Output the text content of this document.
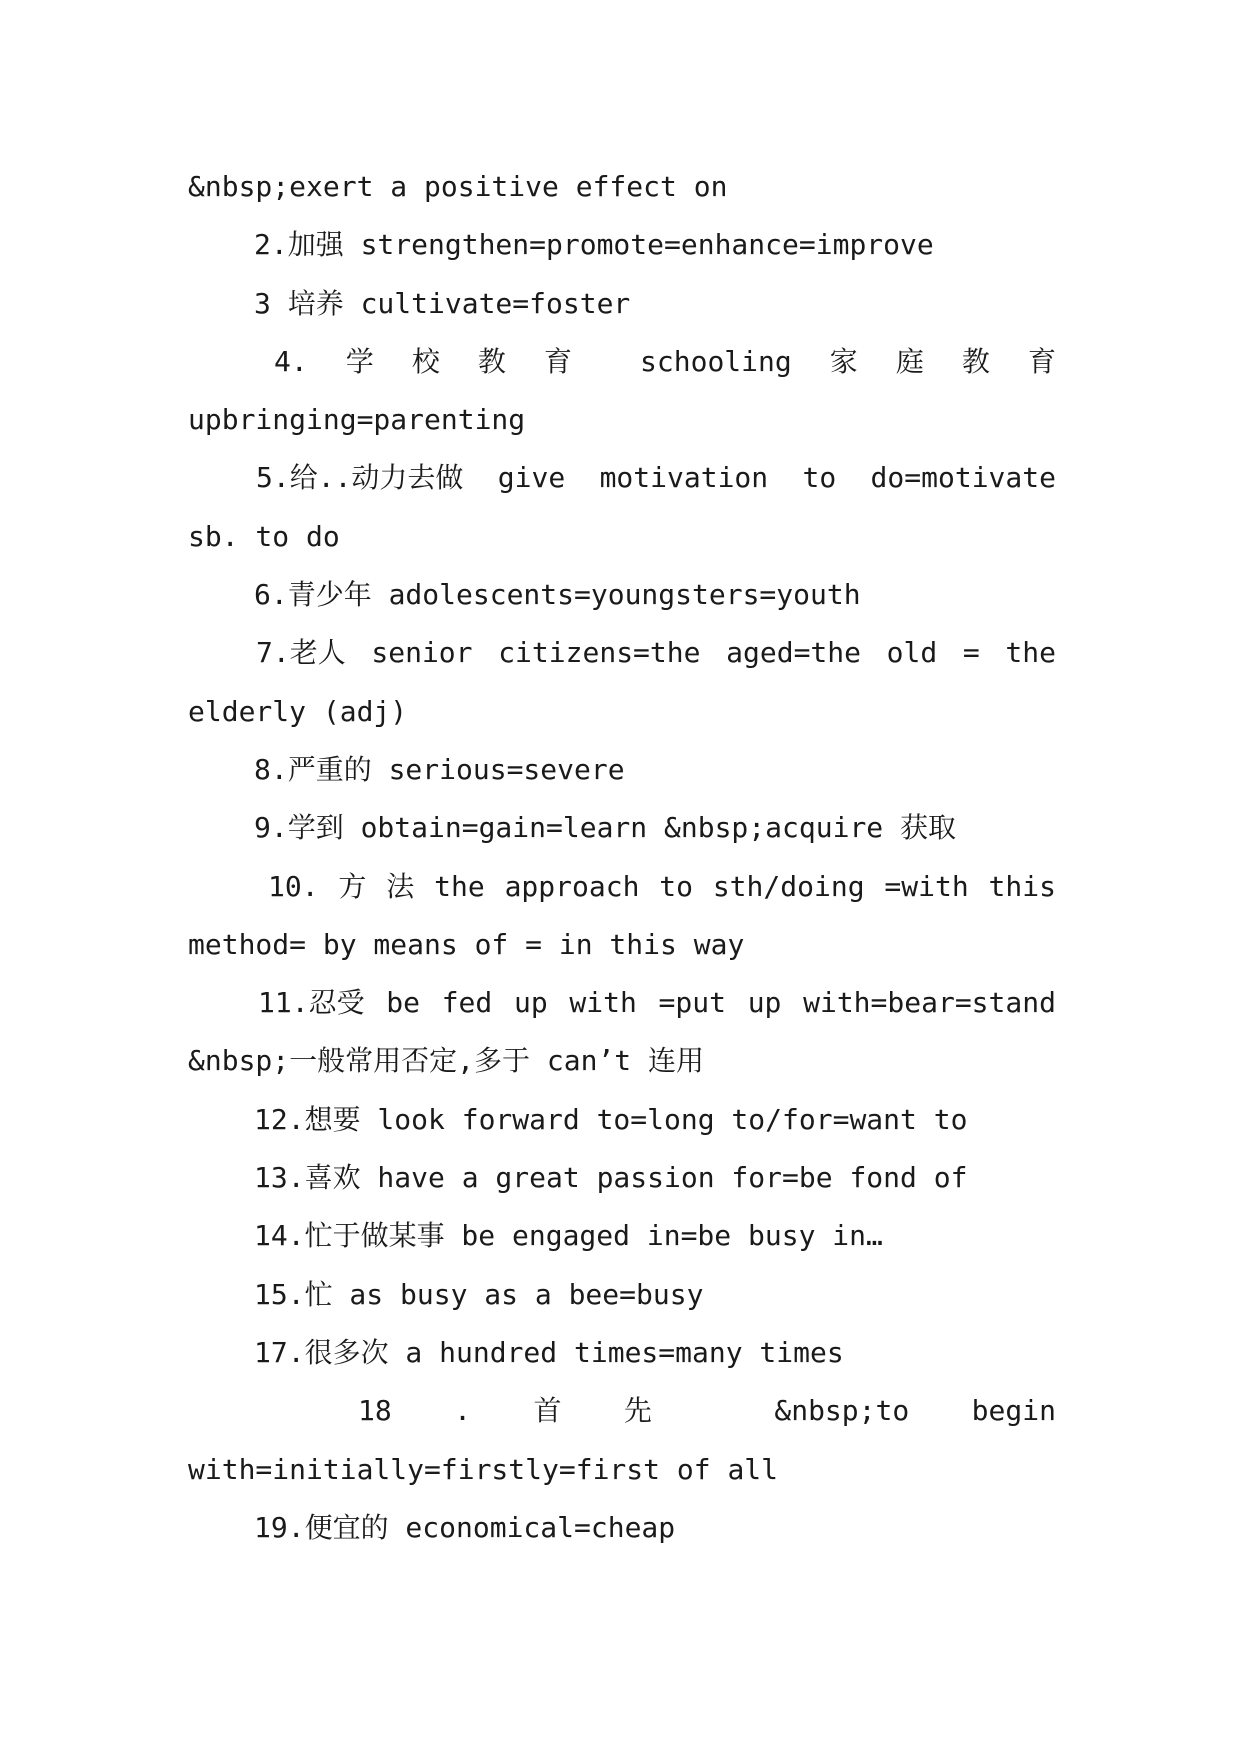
&nbsp;exert a positive effect on
2.加强 strengthen=promote=enhance=improve
3 培养 cultivate=foster
4. 学 校 教 育 schooling 家 庭 教 育
upbringing=parenting
5.给..动力去做 give motivation to do=motivate
sb. to do
6.青少年 adolescents=youngsters=youth
7.老人 senior citizens=the aged=the old = the
elderly (adj)
8.严重的 serious=severe
9.学到 obtain=gain=learn &nbsp;acquire 获取
10. 方 法 the approach to sth/doing =with this
method= by means of = in this way
11.忍受 be fed up with =put up with=bear=stand
&nbsp;一般常用否定,多于 can’t 连用
12.想要 look forward to=long to/for=want to
13.喜欢 have a great passion for=be fond of
14.忙于做某事 be engaged in=be busy in…
15.忙 as busy as a bee=busy
17.很多次 a hundred times=many times
18 . 首 先	&nbsp;to begin
with=initially=firstly=first of all
19.便宜的 economical=cheap
